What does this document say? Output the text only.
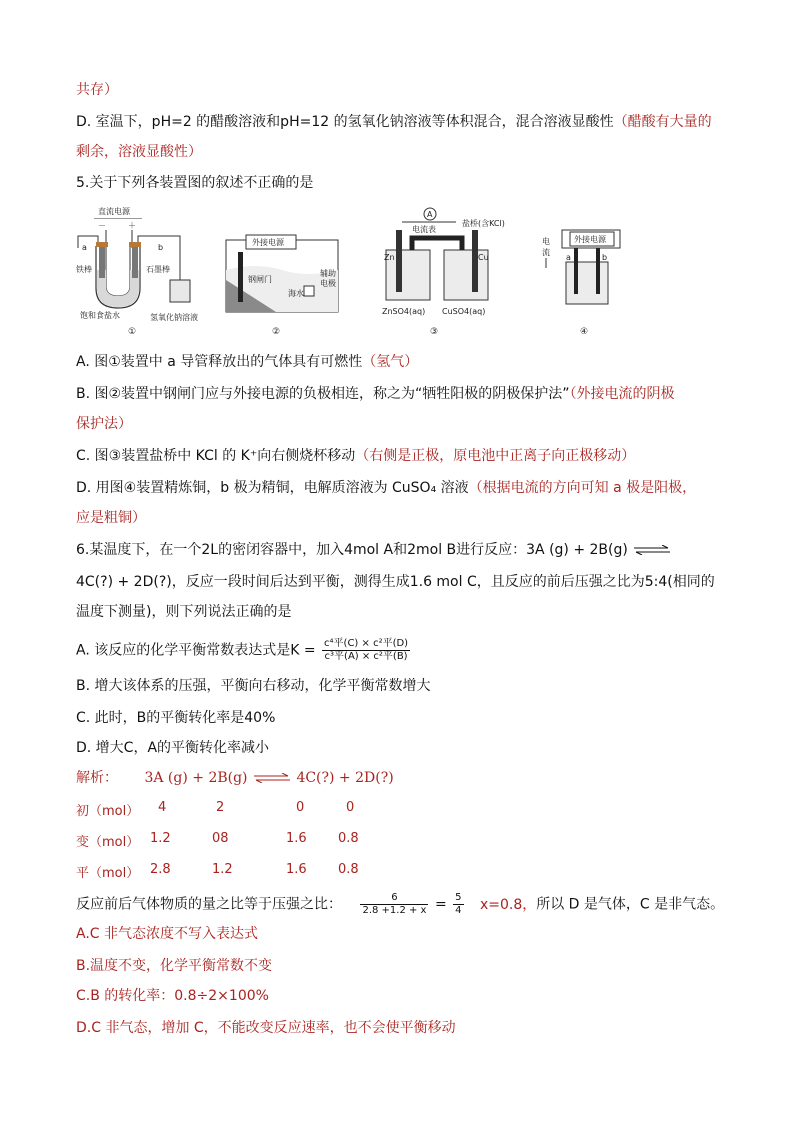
共存）
D. 室温下，pH=2 的醋酸溶液和pH=12 的氢氧化钠溶液等体积混合，混合溶液显酸性（醋酸有大量的
剩余，溶液显酸性）
5.关于下列各装置图的叙述不正确的是
直流电源
－	＋
a	b
铁棒	石墨棒
饱和食盐水	氢氧化钠溶液
①
外接电源
钢闸门
海水
辅助
电极
②
A
电流表
盐桥(含KCl)
Zn	Cu
ZnSO4(aq) CuSO4(aq)
③
外接电源
电
流
a	b
④
A. 图①装置中 a 导管释放出的气体具有可燃性（氢气）
B. 图②装置中钢闸门应与外接电源的负极相连，称之为“牺牲阳极的阴极保护法”（外接电流的阴极
保护法）
C. 图③装置盐桥中 KCl 的 K⁺向右侧烧杯移动（右侧是正极，原电池中正离子向正极移动）
D. 用图④装置精炼铜，b 极为精铜，电解质溶液为 CuSO₄ 溶液（根据电流的方向可知 a 极是阳极，
应是粗铜）
6.某温度下，在一个2L的密闭容器中，加入4mol A和2mol B进行反应：3A (g) + 2B(g) ⇌
4C(?) + 2D(?)，反应一段时间后达到平衡，测得生成1.6 mol C，且反应的前后压强之比为5:4(相同的
温度下测量)，则下列说法正确的是
A. 该反应的化学平衡常数表达式是$K = \frac{\text{c⁴平(C) × c²平(D)}}{\text{c³平(A) × c²平(B)}}$
B. 增大该体系的压强，平衡向右移动，化学平衡常数增大
C. 此时，B的平衡转化率是40%
D. 增大C，A的平衡转化率减小
解析： 3A (g) + 2B(g) ⇌ 4C(?) + 2D(?)
初（mol） 4	2	0	0
变（mol） 1.2	08	1.6 0.8
平（mol） 2.8	1.2	1.6 0.8
反应前后气体物质的量之比等于压强之比： $\frac{6}{2.8 +1.2 + x} = \frac{5}{4} x=0.8$，所以 D 是气体，C 是非气态。
A.C 非气态浓度不写入表达式
B.温度不变，化学平衡常数不变
C.B 的转化率：0.8÷2×100%
D.C 非气态，增加 C，不能改变反应速率，也不会使平衡移动
